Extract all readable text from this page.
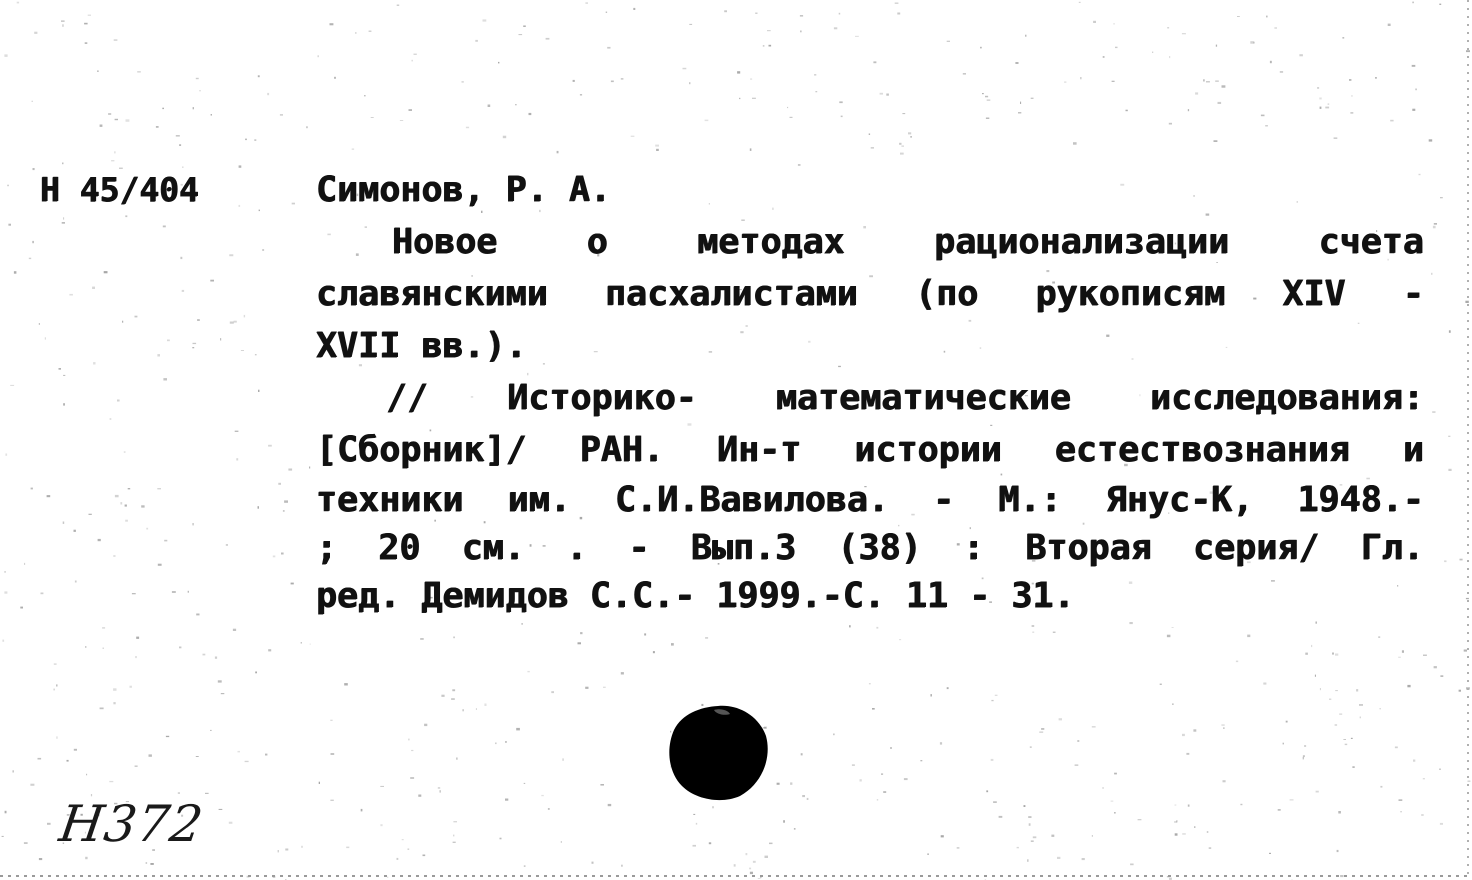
Н 45/404	Симонов, Р. А.
Новое	о	методах	рационализации	счета
славянскими пасхалистами (по рукописям XIV -
XVII вв.).
// Историко- математические исследования:
[Сборник]/ РАН. Ин-т истории естествознания и
техники им. С.И.Вавилова. - М.: Янус-К, 1948.-
; 20 см. . - Вып.3 (38) : Вторая серия/ Гл.
ред. Демидов С.С.- 1999.-С. 11 - 31.
Н372
